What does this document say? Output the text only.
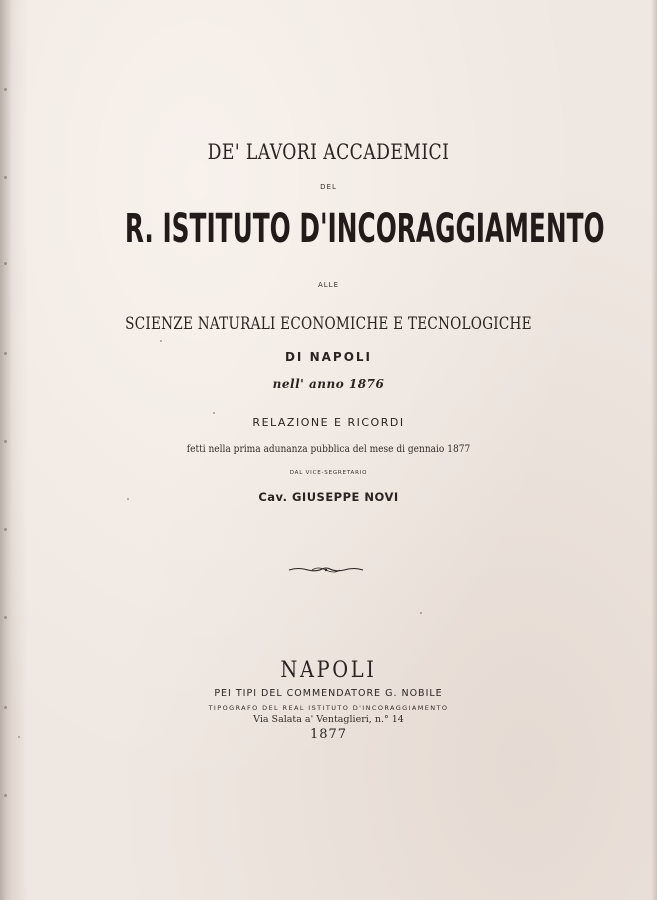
DE' LAVORI ACCADEMICI
DEL
R. ISTITUTO D'INCORAGGIAMENTO
ALLE
SCIENZE NATURALI ECONOMICHE E TECNOLOGICHE
DI NAPOLI
nell' anno 1876
RELAZIONE E RICORDI
fetti nella prima adunanza pubblica del mese di gennaio 1877
DAL VICE-SEGRETARIO
Cav. GIUSEPPE NOVI
NAPOLI
PEI TIPI DEL COMMENDATORE G. NOBILE
TIPOGRAFO DEL REAL ISTITUTO D'INCORAGGIAMENTO
Via Salata a' Ventaglieri, n.° 14
1877
